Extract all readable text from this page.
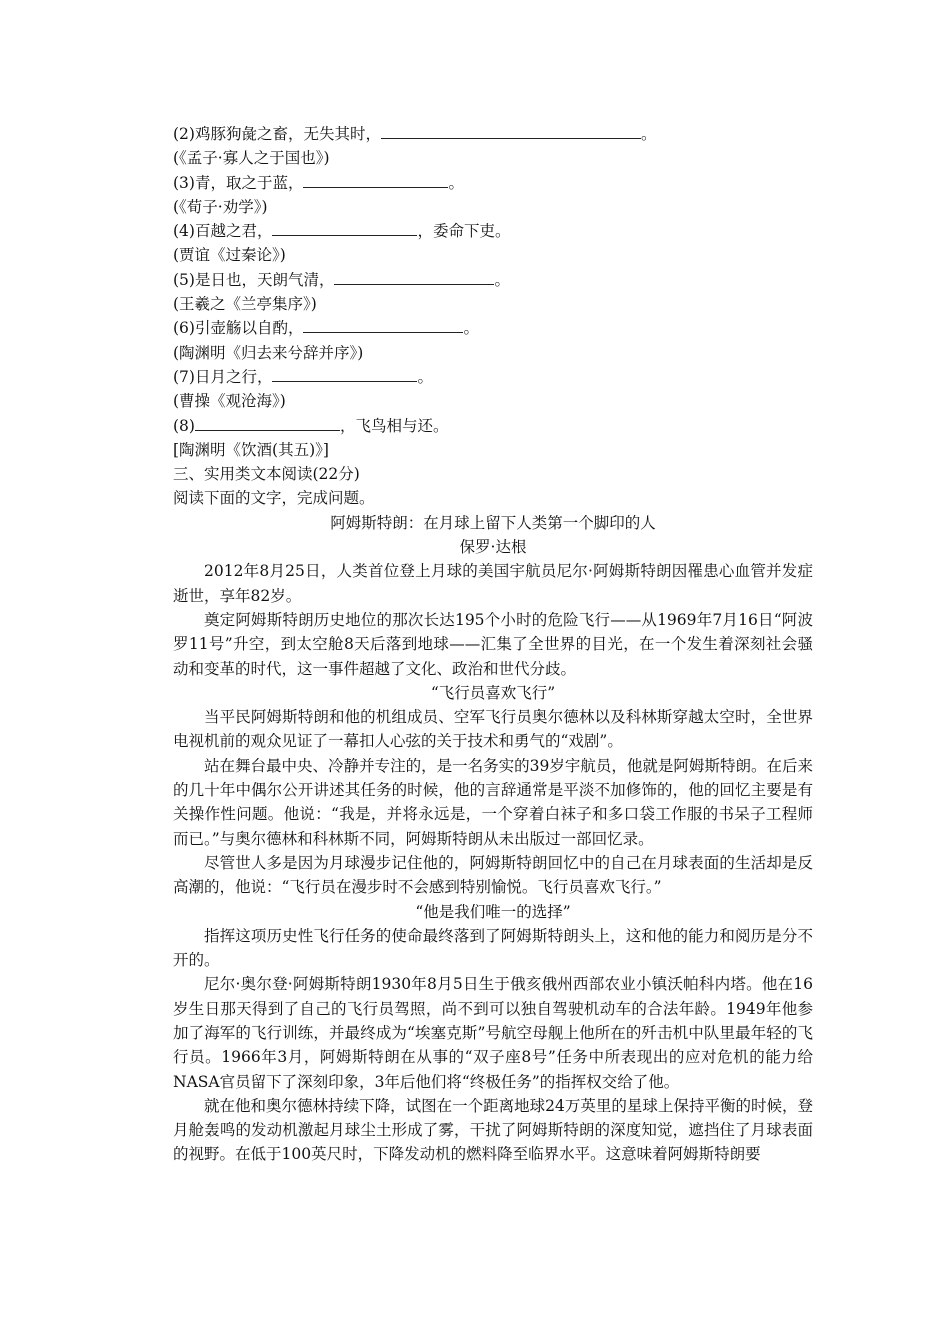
(2)鸡豚狗彘之畜，无失其时，	。
(《孟子·寡人之于国也》)
(3)青，取之于蓝，	。
(《荀子·劝学》)
(4)百越之君，	，委命下吏。
(贾谊《过秦论》)
(5)是日也，天朗气清，	。
(王羲之《兰亭集序》)
(6)引壶觞以自酌，	。
(陶渊明《归去来兮辞并序》)
(7)日月之行，	。
(曹操《观沧海》)
(8)	，飞鸟相与还。
[陶渊明《饮酒(其五)》]
三、实用类文本阅读(22分)
阅读下面的文字，完成问题。
阿姆斯特朗：在月球上留下人类第一个脚印的人
保罗·达根
2012年8月25日，人类首位登上月球的美国宇航员尼尔·阿姆斯特朗因罹患心血管并发症逝世，享年82岁。
奠定阿姆斯特朗历史地位的那次长达195个小时的危险飞行——从1969年7月16日“阿波罗11号”升空，到太空舱8天后落到地球——汇集了全世界的目光，在一个发生着深刻社会骚动和变革的时代，这一事件超越了文化、政治和世代分歧。
“飞行员喜欢飞行”
当平民阿姆斯特朗和他的机组成员、空军飞行员奥尔德林以及科林斯穿越太空时，全世界电视机前的观众见证了一幕扣人心弦的关于技术和勇气的“戏剧”。
站在舞台最中央、冷静并专注的，是一名务实的39岁宇航员，他就是阿姆斯特朗。在后来的几十年中偶尔公开讲述其任务的时候，他的言辞通常是平淡不加修饰的，他的回忆主要是有关操作性问题。他说：“我是，并将永远是，一个穿着白袜子和多口袋工作服的书呆子工程师而已。”与奥尔德林和科林斯不同，阿姆斯特朗从未出版过一部回忆录。
尽管世人多是因为月球漫步记住他的，阿姆斯特朗回忆中的自己在月球表面的生活却是反高潮的，他说：“飞行员在漫步时不会感到特别愉悦。飞行员喜欢飞行。”
“他是我们唯一的选择”
指挥这项历史性飞行任务的使命最终落到了阿姆斯特朗头上，这和他的能力和阅历是分不开的。
尼尔·奥尔登·阿姆斯特朗1930年8月5日生于俄亥俄州西部农业小镇沃帕科内塔。他在16岁生日那天得到了自己的飞行员驾照，尚不到可以独自驾驶机动车的合法年龄。1949年他参加了海军的飞行训练，并最终成为“埃塞克斯”号航空母舰上他所在的歼击机中队里最年轻的飞行员。1966年3月，阿姆斯特朗在从事的“双子座8号”任务中所表现出的应对危机的能力给NASA官员留下了深刻印象，3年后他们将“终极任务”的指挥权交给了他。
就在他和奥尔德林持续下降，试图在一个距离地球24万英里的星球上保持平衡的时候，登月舱轰鸣的发动机激起月球尘土形成了雾，干扰了阿姆斯特朗的深度知觉，遮挡住了月球表面的视野。在低于100英尺时，下降发动机的燃料降至临界水平。这意味着阿姆斯特朗要
